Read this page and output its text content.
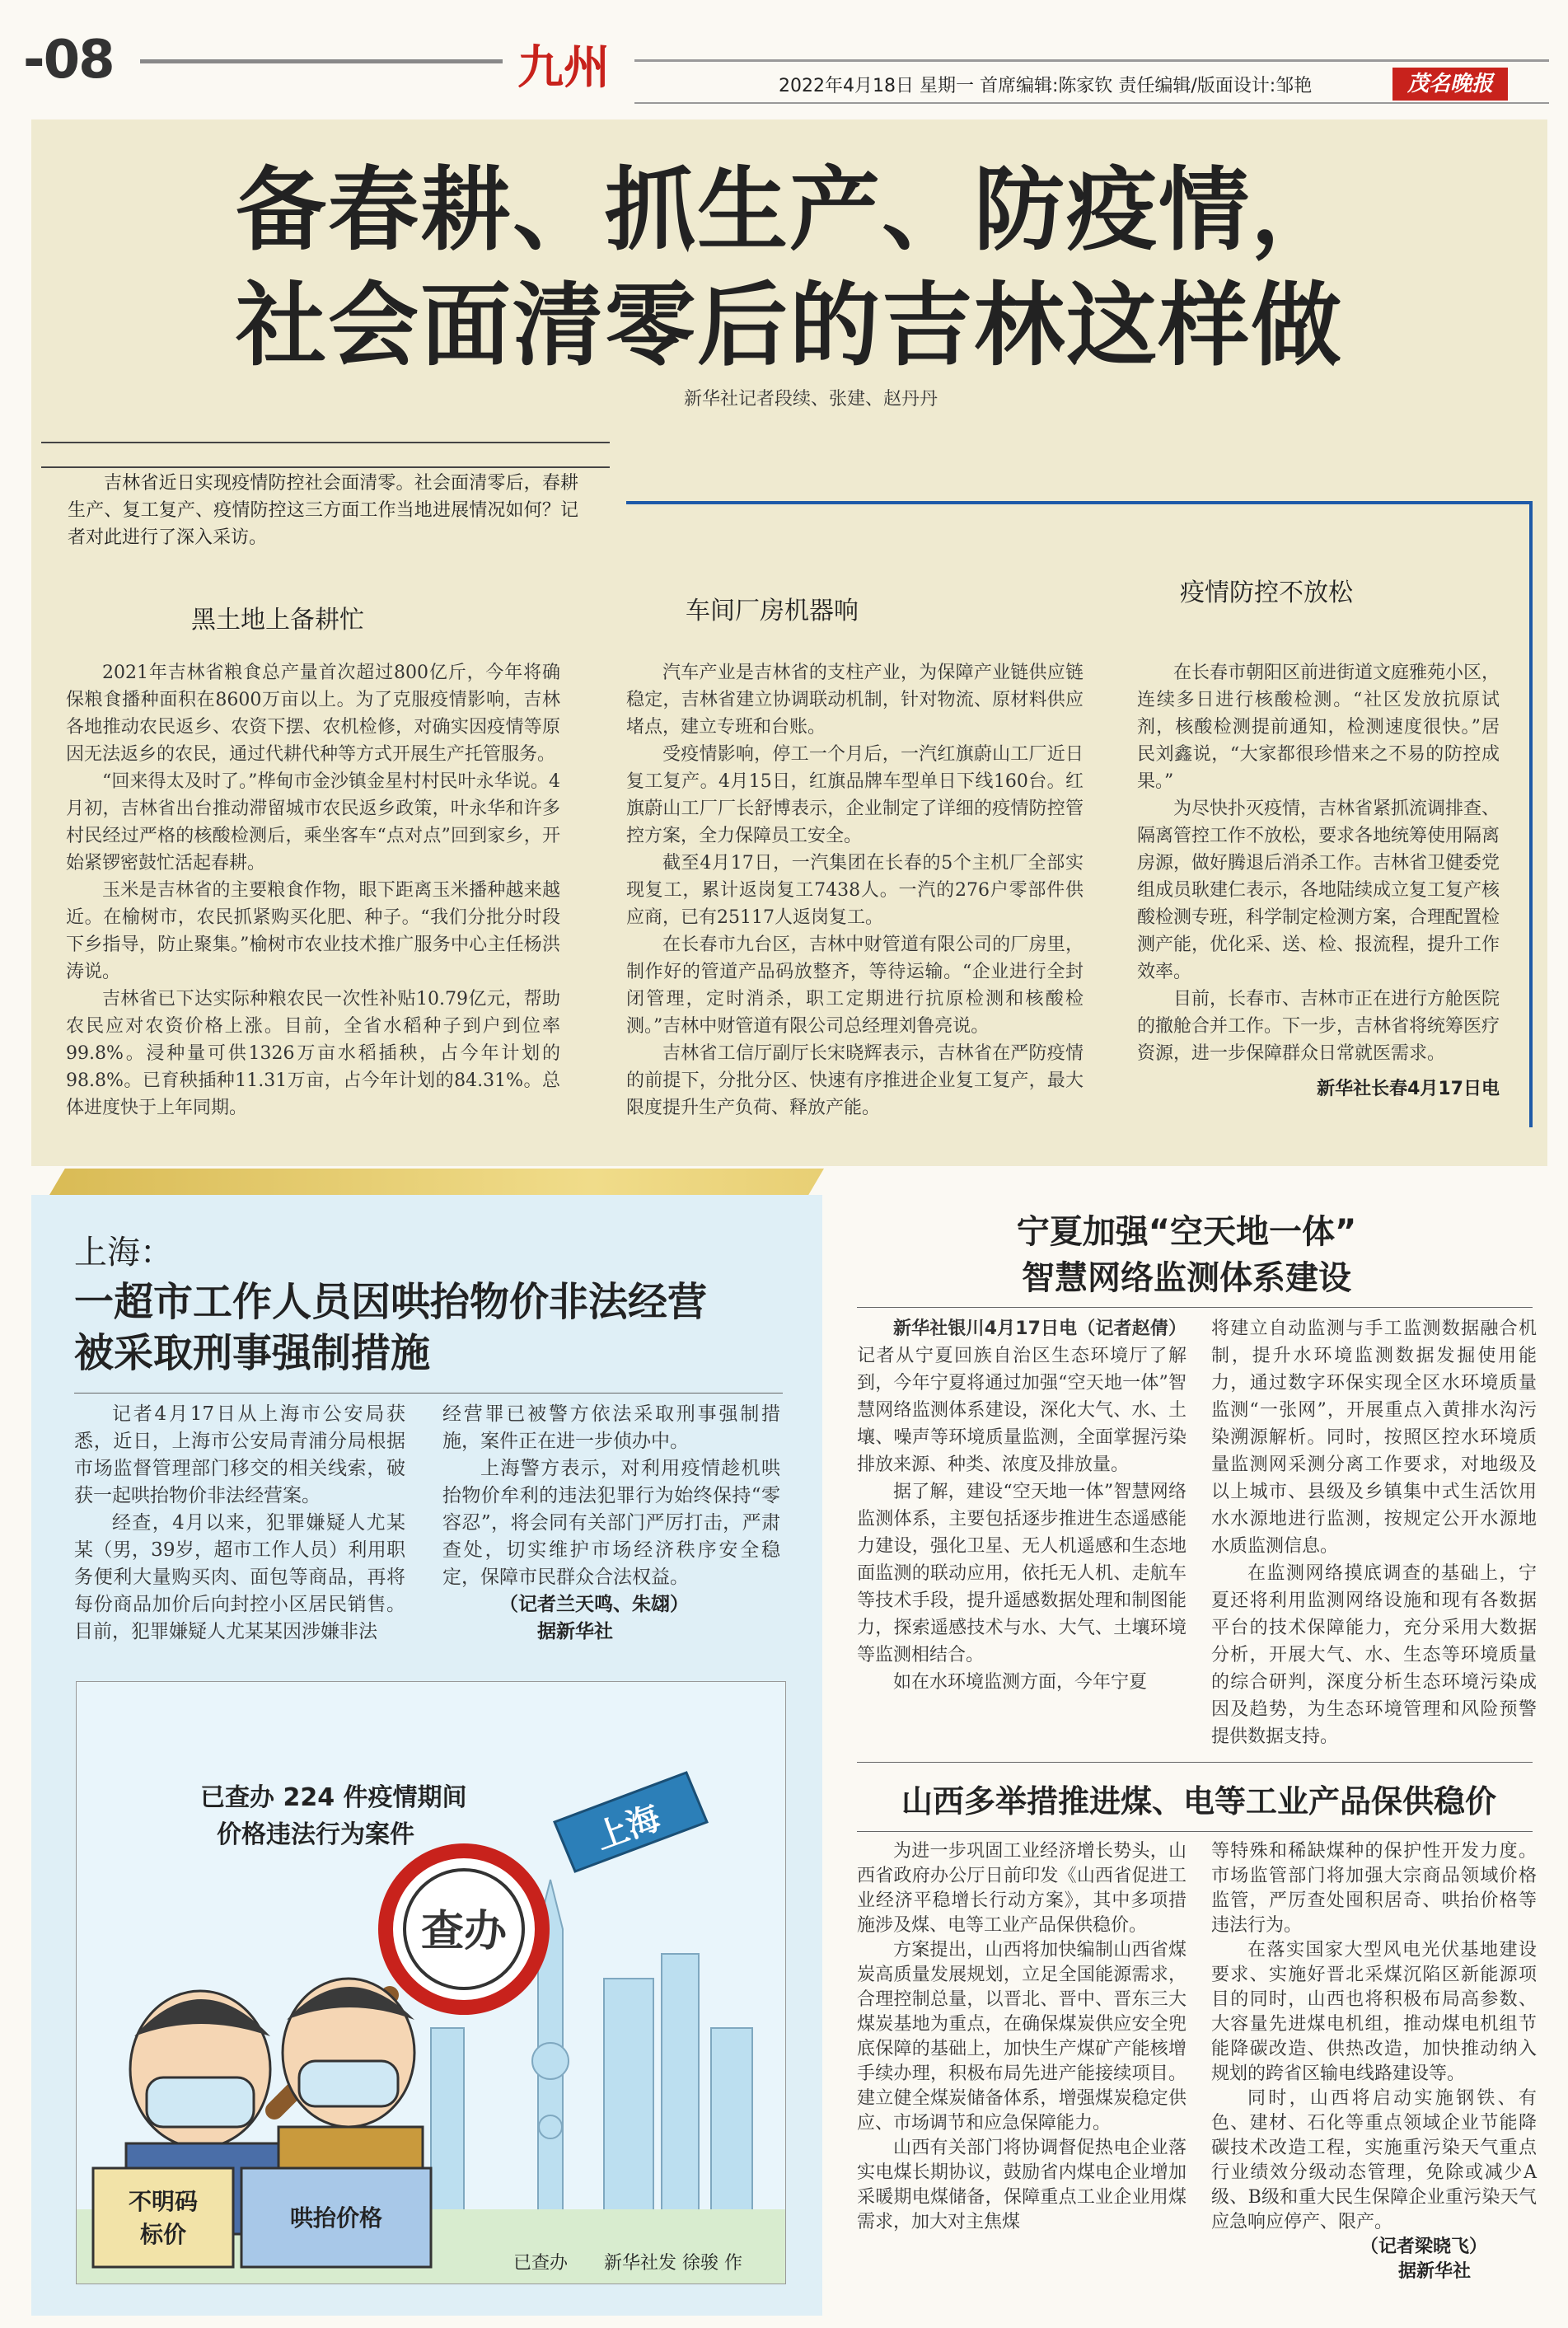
-08	九州	2022年4月18日 星期一 首席编辑:陈家钦 责任编辑/版面设计:邹艳	茂名晚报
备春耕、抓生产、防疫情，
社会面清零后的吉林这样做
新华社记者段续、张建、赵丹丹

吉林省近日实现疫情防控社会面清零。社会面清零后，春耕生产、复工复产、疫情防控这三方面工作当地进展情况如何？记者对此进行了深入采访。

黑土地上备耕忙

2021年吉林省粮食总产量首次超过800亿斤，今年将确保粮食播种面积在8600万亩以上。为了克服疫情影响，吉林各地推动农民返乡、农资下摆、农机检修，对确实因疫情等原因无法返乡的农民，通过代耕代种等方式开展生产托管服务。

“回来得太及时了。”桦甸市金沙镇金星村村民叶永华说。4月初，吉林省出台推动滞留城市农民返乡政策，叶永华和许多村民经过严格的核酸检测后，乘坐客车“点对点”回到家乡，开始紧锣密鼓忙活起春耕。

玉米是吉林省的主要粮食作物，眼下距离玉米播种越来越近。在榆树市，农民抓紧购买化肥、种子。“我们分批分时段下乡指导，防止聚集。”榆树市农业技术推广服务中心主任杨洪涛说。

吉林省已下达实际种粮农民一次性补贴10.79亿元，帮助农民应对农资价格上涨。目前，全省水稻种子到户到位率99.8%。浸种量可供1326万亩水稻插秧，占今年计划的98.8%。已育秧插种11.31万亩，占今年计划的84.31%。总体进度快于上年同期。

车间厂房机器响

汽车产业是吉林省的支柱产业，为保障产业链供应链稳定，吉林省建立协调联动机制，针对物流、原材料供应堵点，建立专班和台账。

受疫情影响，停工一个月后，一汽红旗蔚山工厂近日复工复产。4月15日，红旗品牌车型单日下线160台。红旗蔚山工厂厂长舒博表示，企业制定了详细的疫情防控管控方案，全力保障员工安全。

截至4月17日，一汽集团在长春的5个主机厂全部实现复工，累计返岗复工7438人。一汽的276户零部件供应商，已有25117人返岗复工。

在长春市九台区，吉林中财管道有限公司的厂房里，制作好的管道产品码放整齐，等待运输。“企业进行全封闭管理，定时消杀，职工定期进行抗原检测和核酸检测。”吉林中财管道有限公司总经理刘鲁亮说。

吉林省工信厅副厅长宋晓辉表示，吉林省在严防疫情的前提下，分批分区、快速有序推进企业复工复产，最大限度提升生产负荷、释放产能。

疫情防控不放松

在长春市朝阳区前进街道文庭雅苑小区，连续多日进行核酸检测。“社区发放抗原试剂，核酸检测提前通知，检测速度很快。”居民刘鑫说，“大家都很珍惜来之不易的防控成果。”

为尽快扑灭疫情，吉林省紧抓流调排查、隔离管控工作不放松，要求各地统筹使用隔离房源，做好腾退后消杀工作。吉林省卫健委党组成员耿建仁表示，各地陆续成立复工复产核酸检测专班，科学制定检测方案，合理配置检测产能，优化采、送、检、报流程，提升工作效率。

目前，长春市、吉林市正在进行方舱医院的撤舱合并工作。下一步，吉林省将统筹医疗资源，进一步保障群众日常就医需求。

新华社长春4月17日电

上海：
一超市工作人员因哄抬物价非法经营
被采取刑事强制措施

记者4月17日从上海市公安局获悉，近日，上海市公安局青浦分局根据市场监督管理部门移交的相关线索，破获一起哄抬物价非法经营案。

经查，4月以来，犯罪嫌疑人尤某某（男，39岁，超市工作人员）利用职务便利大量购买肉、面包等商品，再将每份商品加价后向封控小区居民销售。目前，犯罪嫌疑人尤某某因涉嫌非法

经营罪已被警方依法采取刑事强制措施，案件正在进一步侦办中。

上海警方表示，对利用疫情趁机哄抬物价牟利的违法犯罪行为始终保持“零容忍”，将会同有关部门严厉打击，严肃查处，切实维护市场经济秩序安全稳定，保障市民群众合法权益。

（记者兰天鸣、朱翃）

据新华社

查办
上海
已查办 224 件疫情期间
价格违法行为案件
不明码
标价
哄抬价格
已查办　　新华社发 徐骏 作
宁夏加强“空天地一体”
智慧网络监测体系建设

新华社银川4月17日电（记者赵倩）记者从宁夏回族自治区生态环境厅了解到，今年宁夏将通过加强“空天地一体”智慧网络监测体系建设，深化大气、水、土壤、噪声等环境质量监测，全面掌握污染排放来源、种类、浓度及排放量。

据了解，建设“空天地一体”智慧网络监测体系，主要包括逐步推进生态遥感能力建设，强化卫星、无人机遥感和生态地面监测的联动应用，依托无人机、走航车等技术手段，提升遥感数据处理和制图能力，探索遥感技术与水、大气、土壤环境等监测相结合。

如在水环境监测方面，今年宁夏

将建立自动监测与手工监测数据融合机制，提升水环境监测数据发掘使用能力，通过数字环保实现全区水环境质量监测“一张网”，开展重点入黄排水沟污染溯源解析。同时，按照区控水环境质量监测网采测分离工作要求，对地级及以上城市、县级及乡镇集中式生活饮用水水源地进行监测，按规定公开水源地水质监测信息。

在监测网络摸底调查的基础上，宁夏还将利用监测网络设施和现有各数据平台的技术保障能力，充分采用大数据分析，开展大气、水、生态等环境质量的综合研判，深度分析生态环境污染成因及趋势，为生态环境管理和风险预警提供数据支持。

山西多举措推进煤、电等工业产品保供稳价

为进一步巩固工业经济增长势头，山西省政府办公厅日前印发《山西省促进工业经济平稳增长行动方案》，其中多项措施涉及煤、电等工业产品保供稳价。

方案提出，山西将加快编制山西省煤炭高质量发展规划，立足全国能源需求，合理控制总量，以晋北、晋中、晋东三大煤炭基地为重点，在确保煤炭供应安全兜底保障的基础上，加快生产煤矿产能核增手续办理，积极布局先进产能接续项目。建立健全煤炭储备体系，增强煤炭稳定供应、市场调节和应急保障能力。

山西有关部门将协调督促热电企业落实电煤长期协议，鼓励省内煤电企业增加采暖期电煤储备，保障重点工业企业用煤需求，加大对主焦煤

等特殊和稀缺煤种的保护性开发力度。市场监管部门将加强大宗商品领域价格监管，严厉查处囤积居奇、哄抬价格等违法行为。

在落实国家大型风电光伏基地建设要求、实施好晋北采煤沉陷区新能源项目的同时，山西也将积极布局高参数、大容量先进煤电机组，推动煤电机组节能降碳改造、供热改造，加快推动纳入规划的跨省区输电线路建设等。

同时，山西将启动实施钢铁、有色、建材、石化等重点领域企业节能降碳技术改造工程，实施重污染天气重点行业绩效分级动态管理，免除或减少A级、B级和重大民生保障企业重污染天气应急响应停产、限产。

（记者梁晓飞）

据新华社
